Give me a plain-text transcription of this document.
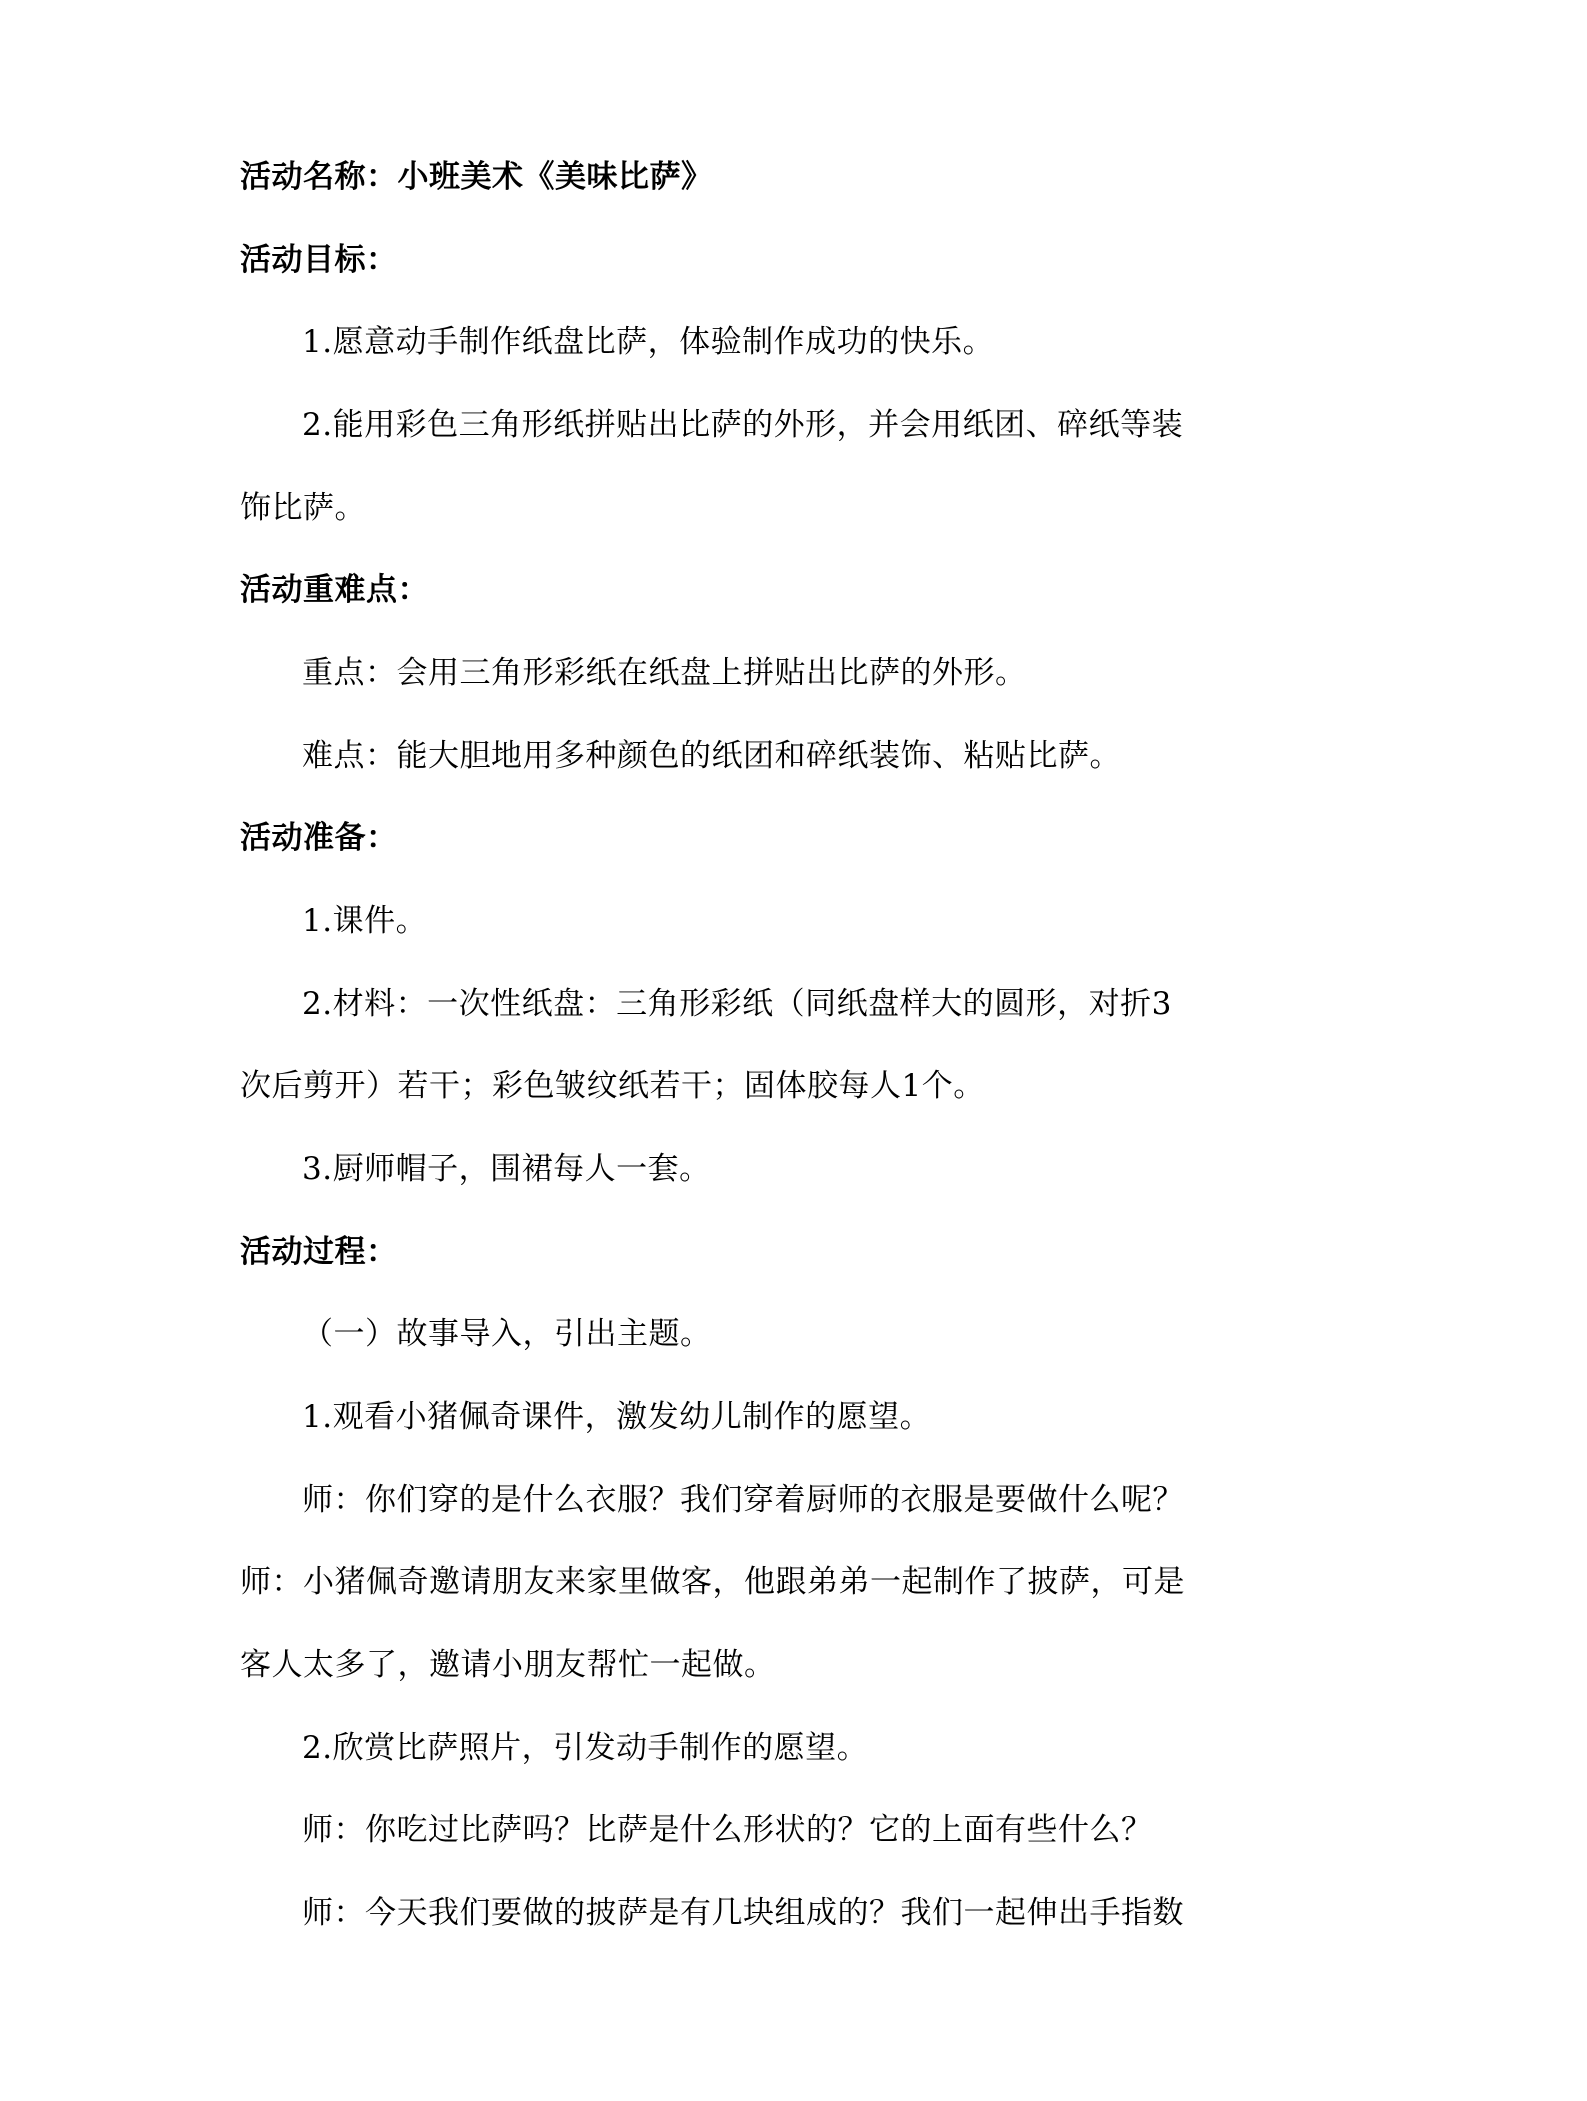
活动名称：小班美术《美味比萨》
活动目标：
1.愿意动手制作纸盘比萨，体验制作成功的快乐。
2.能用彩色三角形纸拼贴出比萨的外形，并会用纸团、碎纸等装
饰比萨。
活动重难点：
重点：会用三角形彩纸在纸盘上拼贴出比萨的外形。
难点：能大胆地用多种颜色的纸团和碎纸装饰、粘贴比萨。
活动准备：
1.课件。
2.材料：一次性纸盘：三角形彩纸（同纸盘样大的圆形，对折3
次后剪开）若干；彩色皱纹纸若干；固体胶每人1个。
3.厨师帽子，围裙每人一套。
活动过程：
（一）故事导入，引出主题。
1.观看小猪佩奇课件，激发幼儿制作的愿望。
师：你们穿的是什么衣服？我们穿着厨师的衣服是要做什么呢？
师：小猪佩奇邀请朋友来家里做客，他跟弟弟一起制作了披萨，可是
客人太多了，邀请小朋友帮忙一起做。
2.欣赏比萨照片，引发动手制作的愿望。
师：你吃过比萨吗？比萨是什么形状的？它的上面有些什么？
师：今天我们要做的披萨是有几块组成的？我们一起伸出手指数
